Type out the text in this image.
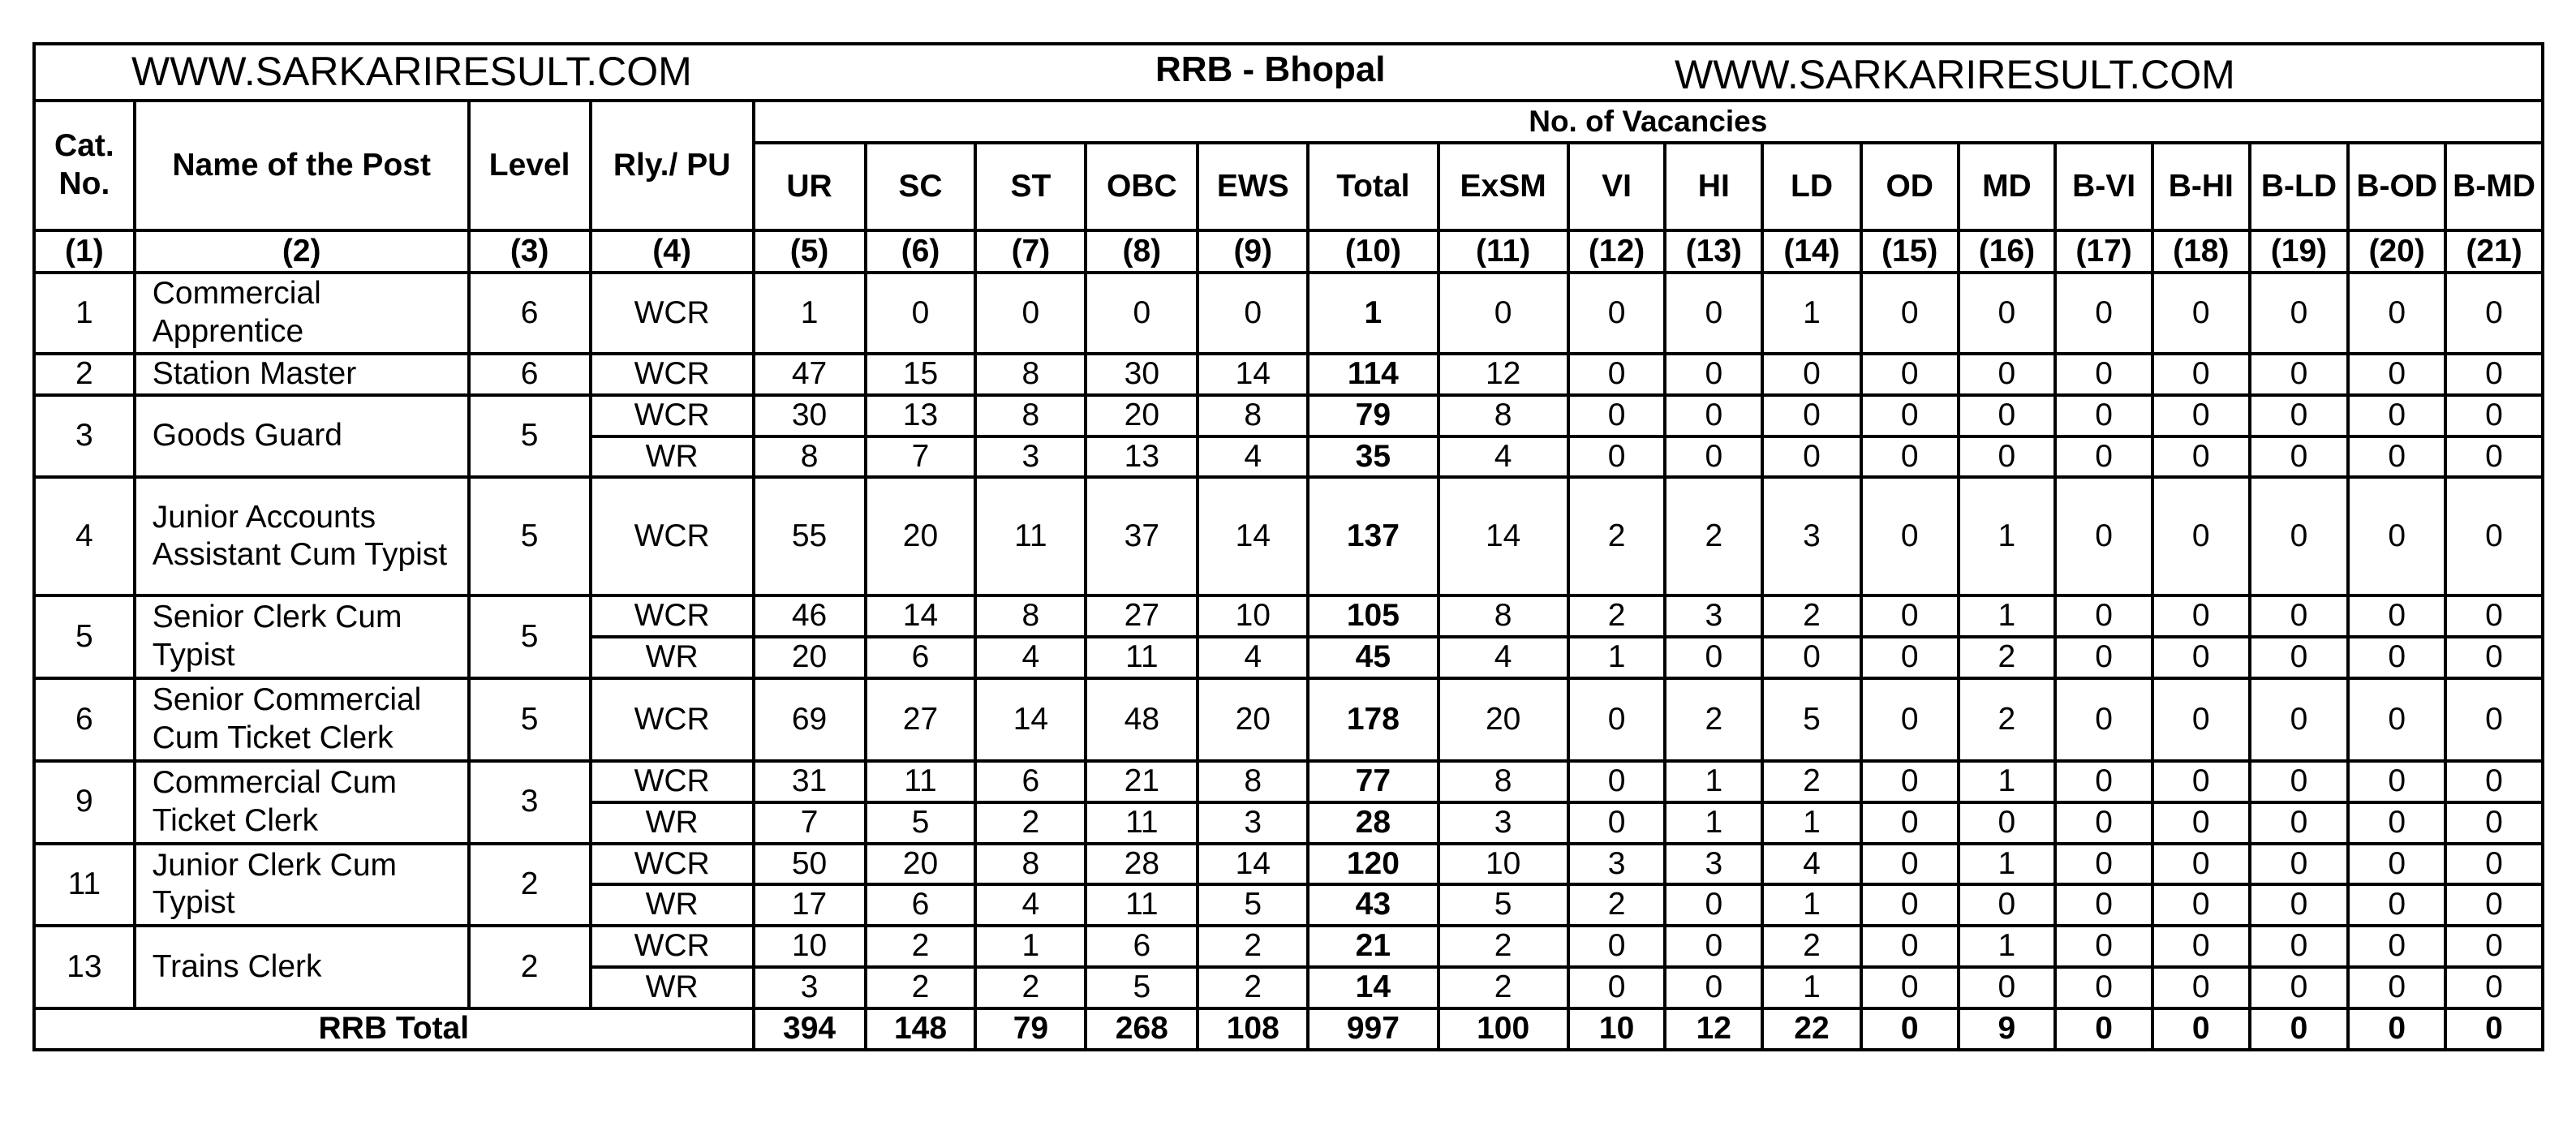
WWW.SARKARIRESULT.COM RRB - Bhopal WWW.SARKARIRESULT.COM																				

Cat. No.	Name of the Post	Level	Rly./ PU	No. of Vacancies																
				UR	SC	ST	OBC	EWS	Total	ExSM	VI	HI	LD	OD	MD	B-VI	B-HI	B-LD	B-OD	B-MD
(1)	(2)	(3)	(4)	(5)	(6)	(7)	(8)	(9)	(10)	(11)	(12)	(13)	(14)	(15)	(16)	(17)	(18)	(19)	(20)	(21)
1	Commercial Apprentice	6	WCR	1	0	0	0	0	1	0	0	0	1	0	0	0	0	0	0	0
2	Station Master	6	WCR	47	15	8	30	14	114	12	0	0	0	0	0	0	0	0	0	0
3	Goods Guard	5	WCR	30	13	8	20	8	79	8	0	0	0	0	0	0	0	0	0	0
			WR	8	7	3	13	4	35	4	0	0	0	0	0	0	0	0	0	0
4	Junior Accounts Assistant Cum Typist	5	WCR	55	20	11	37	14	137	14	2	2	3	0	1	0	0	0	0	0
5	Senior Clerk Cum Typist	5	WCR	46	14	8	27	10	105	8	2	3	2	0	1	0	0	0	0	0
			WR	20	6	4	11	4	45	4	1	0	0	0	2	0	0	0	0	0
6	Senior Commercial Cum Ticket Clerk	5	WCR	69	27	14	48	20	178	20	0	2	5	0	2	0	0	0	0	0
9	Commercial Cum Ticket Clerk	3	WCR	31	11	6	21	8	77	8	0	1	2	0	1	0	0	0	0	0
			WR	7	5	2	11	3	28	3	0	1	1	0	0	0	0	0	0	0
11	Junior Clerk Cum Typist	2	WCR	50	20	8	28	14	120	10	3	3	4	0	1	0	0	0	0	0
			WR	17	6	4	11	5	43	5	2	0	1	0	0	0	0	0	0	0
13	Trains Clerk	2	WCR	10	2	1	6	2	21	2	0	0	2	0	1	0	0	0	0	0
			WR	3	2	2	5	2	14	2	0	0	1	0	0	0	0	0	0	0
RRB Total				394	148	79	268	108	997	100	10	12	22	0	9	0	0	0	0	0
